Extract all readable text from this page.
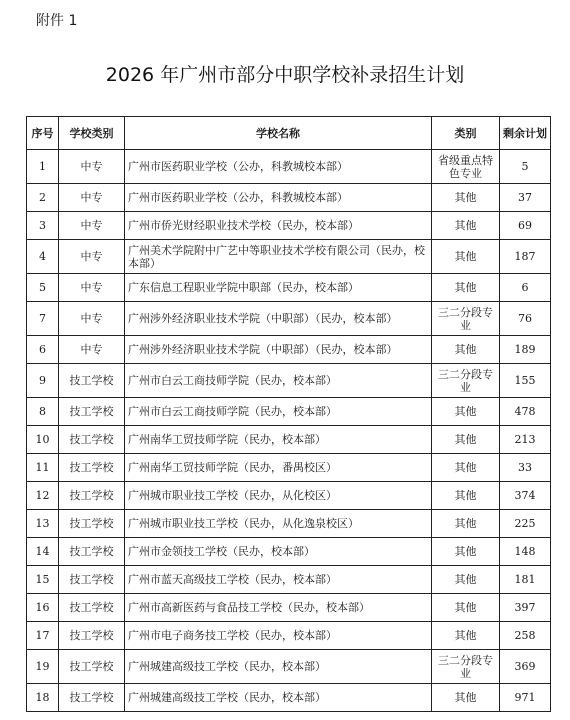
附件 1
2026 年广州市部分中职学校补录招生计划
序号	学校类别	学校名称	类别	剩余计划
1	中专	广州市医药职业学校（公办，科教城校本部）	省级重点特色专业	5
2	中专	广州市医药职业学校（公办，科教城校本部）	其他	37
3	中专	广州市侨光财经职业技术学校（民办，校本部）	其他	69
4	中专	广州美术学院附中广艺中等职业技术学校有限公司（民办，校本部）	其他	187
5	中专	广东信息工程职业学院中职部（民办，校本部）	其他	6
7	中专	广州涉外经济职业技术学院（中职部）（民办，校本部）	三二分段专业	76
6	中专	广州涉外经济职业技术学院（中职部）（民办，校本部）	其他	189
9	技工学校	广州市白云工商技师学院（民办，校本部）	三二分段专业	155
8	技工学校	广州市白云工商技师学院（民办，校本部）	其他	478
10	技工学校	广州南华工贸技师学院（民办，校本部）	其他	213
11	技工学校	广州南华工贸技师学院（民办，番禺校区）	其他	33
12	技工学校	广州城市职业技工学校（民办，从化校区）	其他	374
13	技工学校	广州城市职业技工学校（民办，从化逸泉校区）	其他	225
14	技工学校	广州市金领技工学校（民办，校本部）	其他	148
15	技工学校	广州市蓝天高级技工学校（民办，校本部）	其他	181
16	技工学校	广州市高新医药与食品技工学校（民办，校本部）	其他	397
17	技工学校	广州市电子商务技工学校（民办，校本部）	其他	258
19	技工学校	广州城建高级技工学校（民办，校本部）	三二分段专业	369
18	技工学校	广州城建高级技工学校（民办，校本部）	其他	971
